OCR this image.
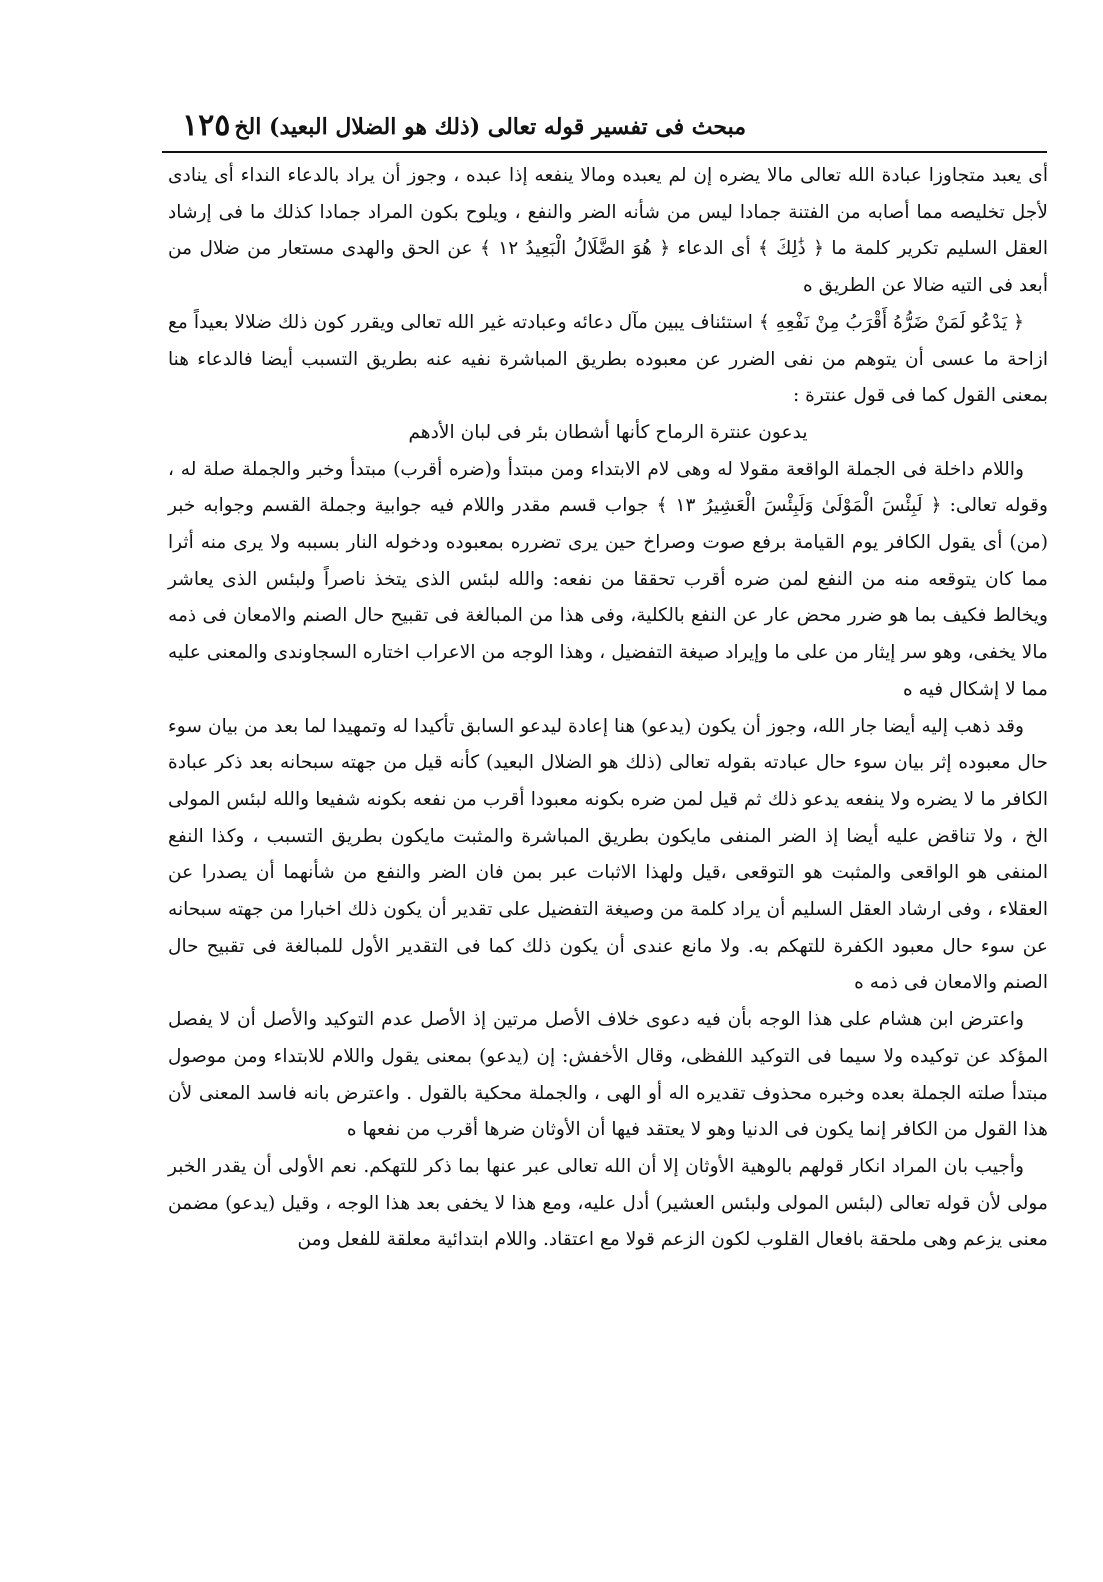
مبحث فى تفسير قوله تعالى (ذلك هو الضلال البعيد) الخ
١٢٥

أى يعبد متجاوزا عبادة الله تعالى مالا يضره إن لم يعبده ومالا ينفعه إذا عبده ، وجوز أن يراد بالدعاء النداء أى ينادى لأجل تخليصه مما أصابه من الفتنة جمادا ليس من شأنه الضر والنفع ، ويلوح بكون المراد جمادا كذلك ما فى إرشاد العقل السليم تكرير كلمة ما ﴿ ذَٰلِكَ ﴾ أى الدعاء ﴿ هُوَ الضَّلَالُ الْبَعِيدُ ١٢ ﴾ عن الحق والهدى مستعار من ضلال من أبعد فى التيه ضالا عن الطريق ه

﴿ يَدْعُو لَمَنْ ضَرُّهُ أَقْرَبُ مِنْ نَفْعِهِ ﴾ استئناف يبين مآل دعائه وعبادته غير الله تعالى ويقرر كون ذلك ضلالا بعيداً مع ازاحة ما عسى أن يتوهم من نفى الضرر عن معبوده بطريق المباشرة نفيه عنه بطريق التسبب أيضا فالدعاء هنا بمعنى القول كما فى قول عنترة :

يدعون عنترة الرماح كأنها أشطان بئر فى لبان الأدهم

واللام داخلة فى الجملة الواقعة مقولا له وهى لام الابتداء ومن مبتدأ و(ضره أقرب) مبتدأ وخبر والجملة صلة له ، وقوله تعالى: ﴿ لَبِئْسَ الْمَوْلَىٰ وَلَبِئْسَ الْعَشِيرُ ١٣ ﴾ جواب قسم مقدر واللام فيه جوابية وجملة القسم وجوابه خبر (من) أى يقول الكافر يوم القيامة برفع صوت وصراخ حين يرى تضرره بمعبوده ودخوله النار بسببه ولا يرى منه أثرا مما كان يتوقعه منه من النفع لمن ضره أقرب تحققا من نفعه: والله لبئس الذى يتخذ ناصراً ولبئس الذى يعاشر ويخالط فكيف بما هو ضرر محض عار عن النفع بالكلية، وفى هذا من المبالغة فى تقبيح حال الصنم والامعان فى ذمه مالا يخفى، وهو سر إيثار من على ما وإيراد صيغة التفضيل ، وهذا الوجه من الاعراب اختاره السجاوندى والمعنى عليه مما لا إشكال فيه ه

وقد ذهب إليه أيضا جار الله، وجوز أن يكون (يدعو) هنا إعادة ليدعو السابق تأكيدا له وتمهيدا لما بعد من بيان سوء حال معبوده إثر بيان سوء حال عبادته بقوله تعالى (ذلك هو الضلال البعيد) كأنه قيل من جهته سبحانه بعد ذكر عبادة الكافر ما لا يضره ولا ينفعه يدعو ذلك ثم قيل لمن ضره بكونه معبودا أقرب من نفعه بكونه شفيعا والله لبئس المولى الخ ، ولا تناقض عليه أيضا إذ الضر المنفى مايكون بطريق المباشرة والمثبت مايكون بطريق التسبب ، وكذا النفع المنفى هو الواقعى والمثبت هو التوقعى ،قيل ولهذا الاثبات عبر بمن فان الضر والنفع من شأنهما أن يصدرا عن العقلاء ، وفى ارشاد العقل السليم أن يراد كلمة من وصيغة التفضيل على تقدير أن يكون ذلك اخبارا من جهته سبحانه عن سوء حال معبود الكفرة للتهكم به. ولا مانع عندى أن يكون ذلك كما فى التقدير الأول للمبالغة فى تقبيح حال الصنم والامعان فى ذمه ه

واعترض ابن هشام على هذا الوجه بأن فيه دعوى خلاف الأصل مرتين إذ الأصل عدم التوكيد والأصل أن لا يفصل المؤكد عن توكيده ولا سيما فى التوكيد اللفظى، وقال الأخفش: إن (يدعو) بمعنى يقول واللام للابتداء ومن موصول مبتدأ صلته الجملة بعده وخبره محذوف تقديره اله أو الهى ، والجملة محكية بالقول . واعترض بانه فاسد المعنى لأن هذا القول من الكافر إنما يكون فى الدنيا وهو لا يعتقد فيها أن الأوثان ضرها أقرب من نفعها ه

وأجيب بان المراد انكار قولهم بالوهية الأوثان إلا أن الله تعالى عبر عنها بما ذكر للتهكم. نعم الأولى أن يقدر الخبر مولى لأن قوله تعالى (لبئس المولى ولبئس العشير) أدل عليه، ومع هذا لا يخفى بعد هذا الوجه ، وقيل (يدعو) مضمن معنى يزعم وهى ملحقة بافعال القلوب لكون الزعم قولا مع اعتقاد. واللام ابتدائية معلقة للفعل ومن
